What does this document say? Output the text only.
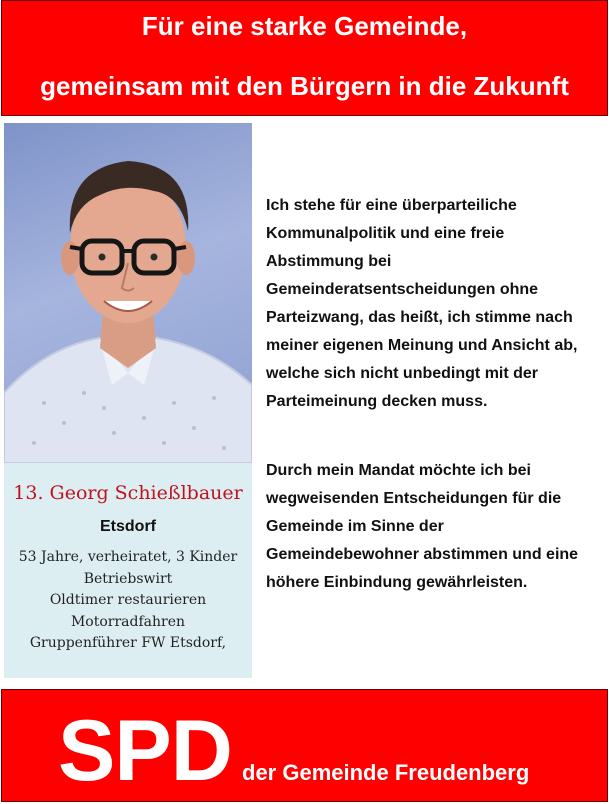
Für eine starke Gemeinde,
gemeinsam mit den Bürgern in die Zukunft
13. Georg Schießlbauer
Etsdorf
53 Jahre, verheiratet, 3 Kinder
Betriebswirt
Oldtimer restaurieren
Motorradfahren
Gruppenführer FW Etsdorf,
Ich stehe für eine überparteiliche
Kommunalpolitik und eine freie
Abstimmung bei
Gemeinderatsentscheidungen ohne
Parteizwang, das heißt, ich stimme nach
meiner eigenen Meinung und Ansicht ab,
welche sich nicht unbedingt mit der
Parteimeinung decken muss.
Durch mein Mandat möchte ich bei
wegweisenden Entscheidungen für die
Gemeinde im Sinne der
Gemeindebewohner abstimmen und eine
höhere Einbindung gewährleisten.
SPD der Gemeinde Freudenberg
